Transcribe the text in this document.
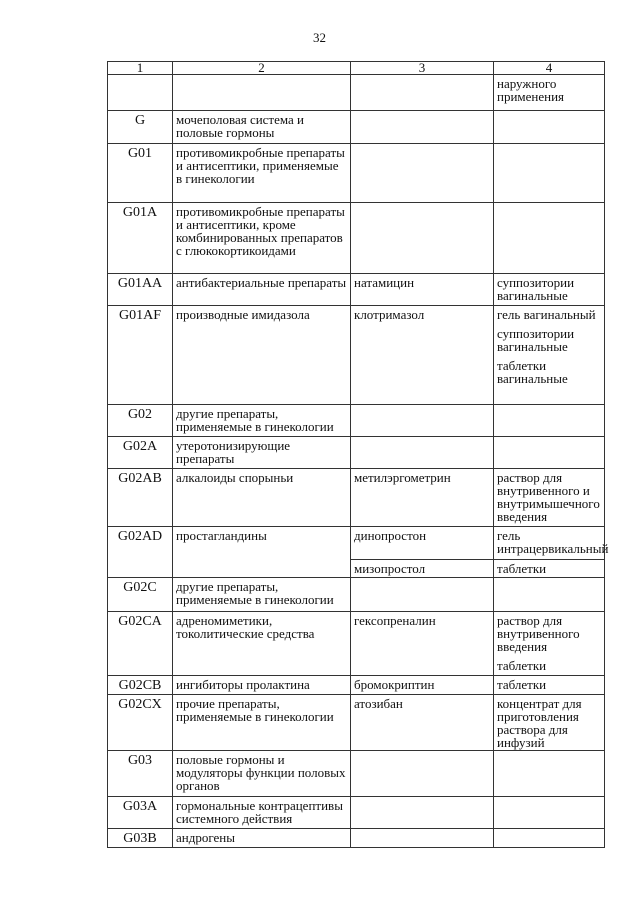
32
1	2	3	4

			наружного применения

G	мочеполовая система и половые гормоны		
G01	противомикробные препараты и антисептики, применяемые в гинекологии		
G01A	противомикробные препараты и антисептики, кроме комбинированных препаратов с глюкокортикоидами		
G01AA	антибактериальные препараты	натамицин	суппозитории вагинальные

G01AF	производные имидазола	клотримазол	гель вагинальный
суппозитории вагинальные
таблетки вагинальные

G02	другие препараты, применяемые в гинекологии		
G02A	утеротонизирующие препараты		
G02AB	алкалоиды спорыньи	метилэргометрин	раствор для внутривенного и внутримышечного введения

G02AD	простагландины	динопростон	гель интрацервикальный

		мизопростол	таблетки

G02C	другие препараты, применяемые в гинекологии		
G02CA	адреномиметики, токолитические средства	гексопреналин	раствор для внутривенного введения
таблетки

G02CB	ингибиторы пролактина	бромокриптин	таблетки

G02CX	прочие препараты, применяемые в гинекологии	атозибан	концентрат для приготовления раствора для инфузий

G03	половые гормоны и модуляторы функции половых органов		
G03A	гормональные контрацептивы системного действия		
G03B	андрогены		
